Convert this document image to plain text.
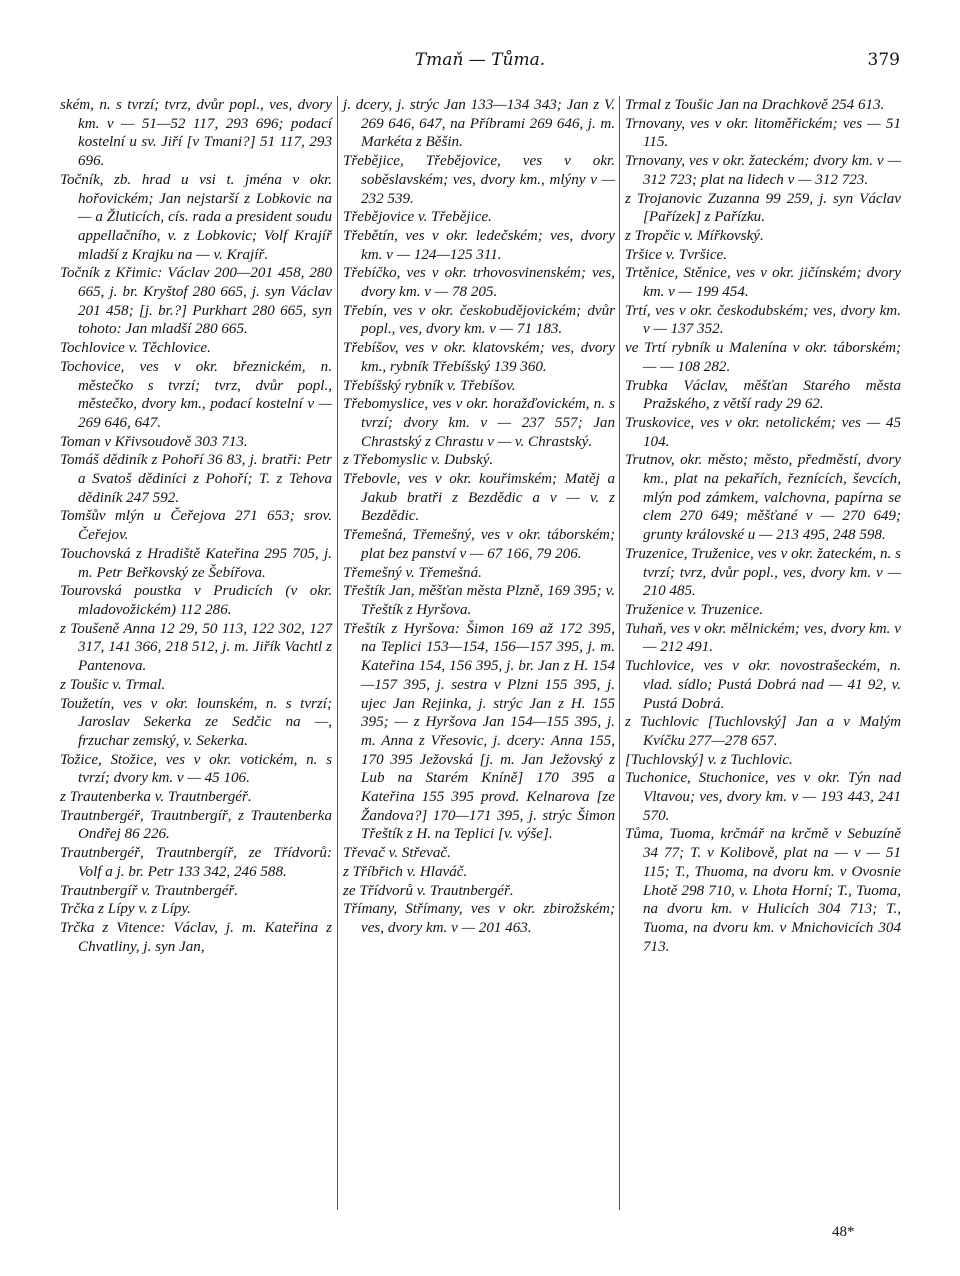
Tmaň — Tůma.	379

ském, n. s tvrzí; tvrz, dvůr popl., ves, dvory km. v — 51—52 117, 293 696; podací kostelní u sv. Jiří [v Tmani?] 51 117, 293 696.

Točník, zb. hrad u vsi t. jména v okr. hořovickém; Jan nejstarší z Lobkovic na — a Žluticích, cís. rada a president soudu appellačního, v. z Lobkovic; Volf Krajíř mladší z Krajku na — v. Krajíř.

Točník z Křimic: Václav 200—201 458, 280 665, j. br. Kryštof 280 665, j. syn Václav 201 458; [j. br.?] Purkhart 280 665, syn tohoto: Jan mladší 280 665.

Tochlovice v. Těchlovice.

Tochovice, ves v okr. březnickém, n. městečko s tvrzí; tvrz, dvůr popl., městečko, dvory km., podací kostelní v — 269 646, 647.

Toman v Křivsoudově 303 713.

Tomáš dědiník z Pohoří 36 83, j. bratři: Petr a Svatoš dědiníci z Pohoří; T. z Tehova dědiník 247 592.

Tomšův mlýn u Čeřejova 271 653; srov. Čeřejov.

Touchovská z Hradiště Kateřina 295 705, j. m. Petr Beřkovský ze Šebířova.

Tourovská poustka v Prudicích (v okr. mladovožickém) 112 286.

z Toušeně Anna 12 29, 50 113, 122 302, 127 317, 141 366, 218 512, j. m. Jiřík Vachtl z Pantenova.

z Toušic v. Trmal.

Toužetín, ves v okr. lounském, n. s tvrzí; Jaroslav Sekerka ze Sedčic na —, frzuchar zemský, v. Sekerka.

Tožice, Stožice, ves v okr. votickém, n. s tvrzí; dvory km. v — 45 106.

z Trautenberka v. Trautnbergéř.

Trautnbergéř, Trautnbergíř, z Trautenberka Ondřej 86 226.

Trautnbergéř, Trautnbergíř, ze Třídvorů: Volf a j. br. Petr 133 342, 246 588.

Trautnbergíř v. Trautnbergéř.

Trčka z Lípy v. z Lípy.

Trčka z Vitence: Václav, j. m. Kateřina z Chvatliny, j. syn Jan,

j. dcery, j. strýc Jan 133—134 343; Jan z V. 269 646, 647, na Příbrami 269 646, j. m. Markéta z Běšin.

Třebějice, Třebějovice, ves v okr. soběslavském; ves, dvory km., mlýny v — 232 539.

Třebějovice v. Třebějice.

Třebětín, ves v okr. ledečském; ves, dvory km. v — 124—125 311.

Třebíčko, ves v okr. trhovosvinenském; ves, dvory km. v — 78 205.

Třebín, ves v okr. českobudějovickém; dvůr popl., ves, dvory km. v — 71 183.

Třebíšov, ves v okr. klatovském; ves, dvory km., rybník Třebíšský 139 360.

Třebíšský rybník v. Třebíšov.

Třebomyslice, ves v okr. horažďovickém, n. s tvrzí; dvory km. v — 237 557; Jan Chrastský z Chrastu v — v. Chrastský.

z Třebomyslic v. Dubský.

Třebovle, ves v okr. kouřimském; Matěj a Jakub bratři z Bezdědic a v — v. z Bezdědic.

Třemešná, Třemešný, ves v okr. táborském; plat bez panství v — 67 166, 79 206.

Třemešný v. Třemešná.

Třeštík Jan, měšťan města Plzně, 169 395; v. Třeštík z Hyršova.

Třeštík z Hyršova: Šimon 169 až 172 395, na Teplici 153—154, 156—157 395, j. m. Kateřina 154, 156 395, j. br. Jan z H. 154—157 395, j. sestra v Plzni 155 395, j. ujec Jan Rejinka, j. strýc Jan z H. 155 395; — z Hyršova Jan 154—155 395, j. m. Anna z Vřesovic, j. dcery: Anna 155, 170 395 Ježovská [j. m. Jan Ježovský z Lub na Starém Kníně] 170 395 a Kateřina 155 395 provd. Kelnarova [ze Žandova?] 170—171 395, j. strýc Šimon Třeštík z H. na Teplici [v. výše].

Třevač v. Střevač.

z Tříbřich v. Hlaváč.

ze Třídvorů v. Trautnbergéř.

Třímany, Střímany, ves v okr. zbirožském; ves, dvory km. v — 201 463.

Trmal z Toušic Jan na Drachkově 254 613.

Trnovany, ves v okr. litoměřickém; ves — 51 115.

Trnovany, ves v okr. žateckém; dvory km. v — 312 723; plat na lidech v — 312 723.

z Trojanovic Zuzanna 99 259, j. syn Václav [Pařízek] z Pařízku.

z Tropčic v. Mířkovský.

Tršice v. Tvršice.

Trtěnice, Stěnice, ves v okr. jičínském; dvory km. v — 199 454.

Trtí, ves v okr. českodubském; ves, dvory km. v — 137 352.

ve Trtí rybník u Malenína v okr. táborském; — — 108 282.

Trubka Václav, měšťan Starého města Pražského, z větší rady 29 62.

Truskovice, ves v okr. netolickém; ves — 45 104.

Trutnov, okr. město; město, předměstí, dvory km., plat na pekařích, řeznících, ševcích, mlýn pod zámkem, valchovna, papírna se clem 270 649; měšťané v — 270 649; grunty královské u — 213 495, 248 598.

Truzenice, Truženice, ves v okr. žateckém, n. s tvrzí; tvrz, dvůr popl., ves, dvory km. v — 210 485.

Truženice v. Truzenice.

Tuhaň, ves v okr. mělnickém; ves, dvory km. v — 212 491.

Tuchlovice, ves v okr. novostrašeckém, n. vlad. sídlo; Pustá Dobrá nad — 41 92, v. Pustá Dobrá.

z Tuchlovic [Tuchlovský] Jan a v Malým Kvíčku 277—278 657.

[Tuchlovský] v. z Tuchlovic.

Tuchonice, Stuchonice, ves v okr. Týn nad Vltavou; ves, dvory km. v — 193 443, 241 570.

Tůma, Tuoma, krčmář na krčmě v Sebuzíně 34 77; T. v Kolibově, plat na — v — 51 115; T., Thuoma, na dvoru km. v Ovosnie Lhotě 298 710, v. Lhota Horní; T., Tuoma, na dvoru km. v Hulicích 304 713; T., Tuoma, na dvoru km. v Mnichovicích 304 713.

48*
